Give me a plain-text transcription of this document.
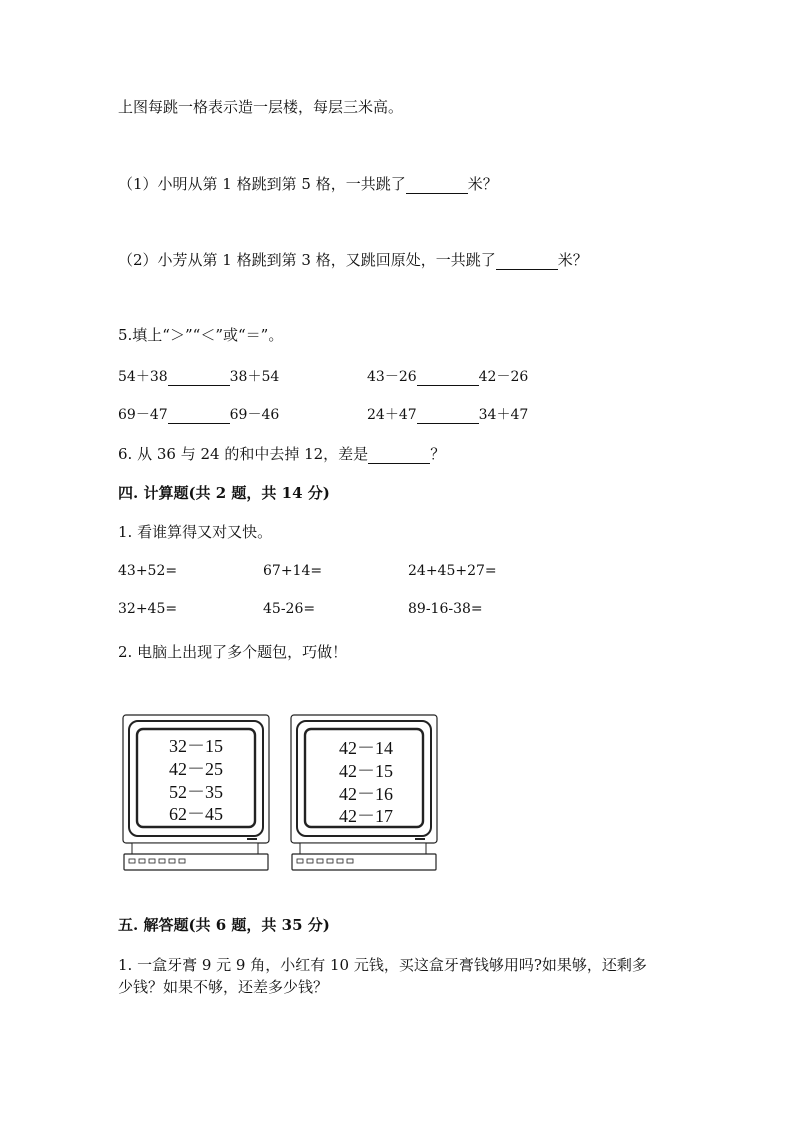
上图每跳一格表示造一层楼，每层三米高。
（1）小明从第 1 格跳到第 5 格，一共跳了	米？
（2）小芳从第 1 格跳到第 3 格，又跳回原处，一共跳了	米？
5.填上“＞”“＜”或“＝”。
54＋38	38＋54	43－26	42－26
69－47	69－46	24＋47	34＋47
6. 从 36 与 24 的和中去掉 12，差是	？
四. 计算题(共 2 题，共 14 分)
1. 看谁算得又对又快。
43+52=	67+14=	24+45+27=
32+45=	45-26=	89-16-38=
2. 电脑上出现了多个题包，巧做！
32－15
42－25
52－35
62－45
42－14
42－15
42－16
42－17
五. 解答题(共 6 题，共 35 分)
1. 一盒牙膏 9 元 9 角，小红有 10 元钱，买这盒牙膏钱够用吗?如果够，还剩多
少钱？如果不够，还差多少钱？
